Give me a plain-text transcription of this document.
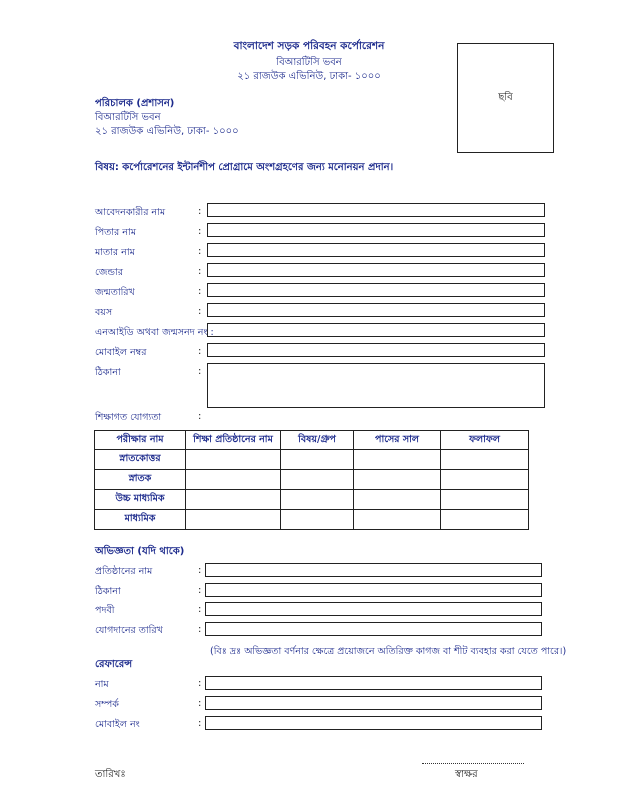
বাংলাদেশ সড়ক পরিবহন কর্পোরেশন
বিআরটিসি ভবন
২১ রাজউক এভিনিউ, ঢাকা- ১০০০
ছবি
পরিচালক (প্রশাসন)
বিআরটিসি ভবন
২১ রাজউক এভিনিউ, ঢাকা- ১০০০
বিষয়: কর্পোরেশনের ইন্টার্নশীপ প্রোগ্রামে অংশগ্রহণের জন্য মনোনয়ন প্রদান।
আবেদনকারীর নাম	:
পিতার নাম	:
মাতার নাম	:
জেন্ডার	:
জন্মতারিখ	:
বয়স	:
এনআইডি অথবা জন্মসনদ নং :
মোবাইল নম্বর	:
ঠিকানা	:
শিক্ষাগত যোগ্যতা	:
পরীক্ষার নাম	শিক্ষা প্রতিষ্ঠানের নাম	বিষয়/গ্রুপ	পাসের সাল	ফলাফল
স্নাতকোত্তর				
স্নাতক				
উচ্চ মাধ্যমিক				
মাধ্যমিক				
অভিজ্ঞতা (যদি থাকে)
প্রতিষ্ঠানের নাম	:
ঠিকানা	:
পদবী	:
যোগদানের তারিখ	:
(বিঃ দ্রঃ অভিজ্ঞতা বর্ণনার ক্ষেত্রে প্রয়োজনে অতিরিক্ত কাগজ বা শীট ব্যবহার করা যেতে পারে।)
রেফারেন্স
নাম	:
সম্পর্ক	:
মোবাইল নং	:
তারিখঃ	স্বাক্ষর
